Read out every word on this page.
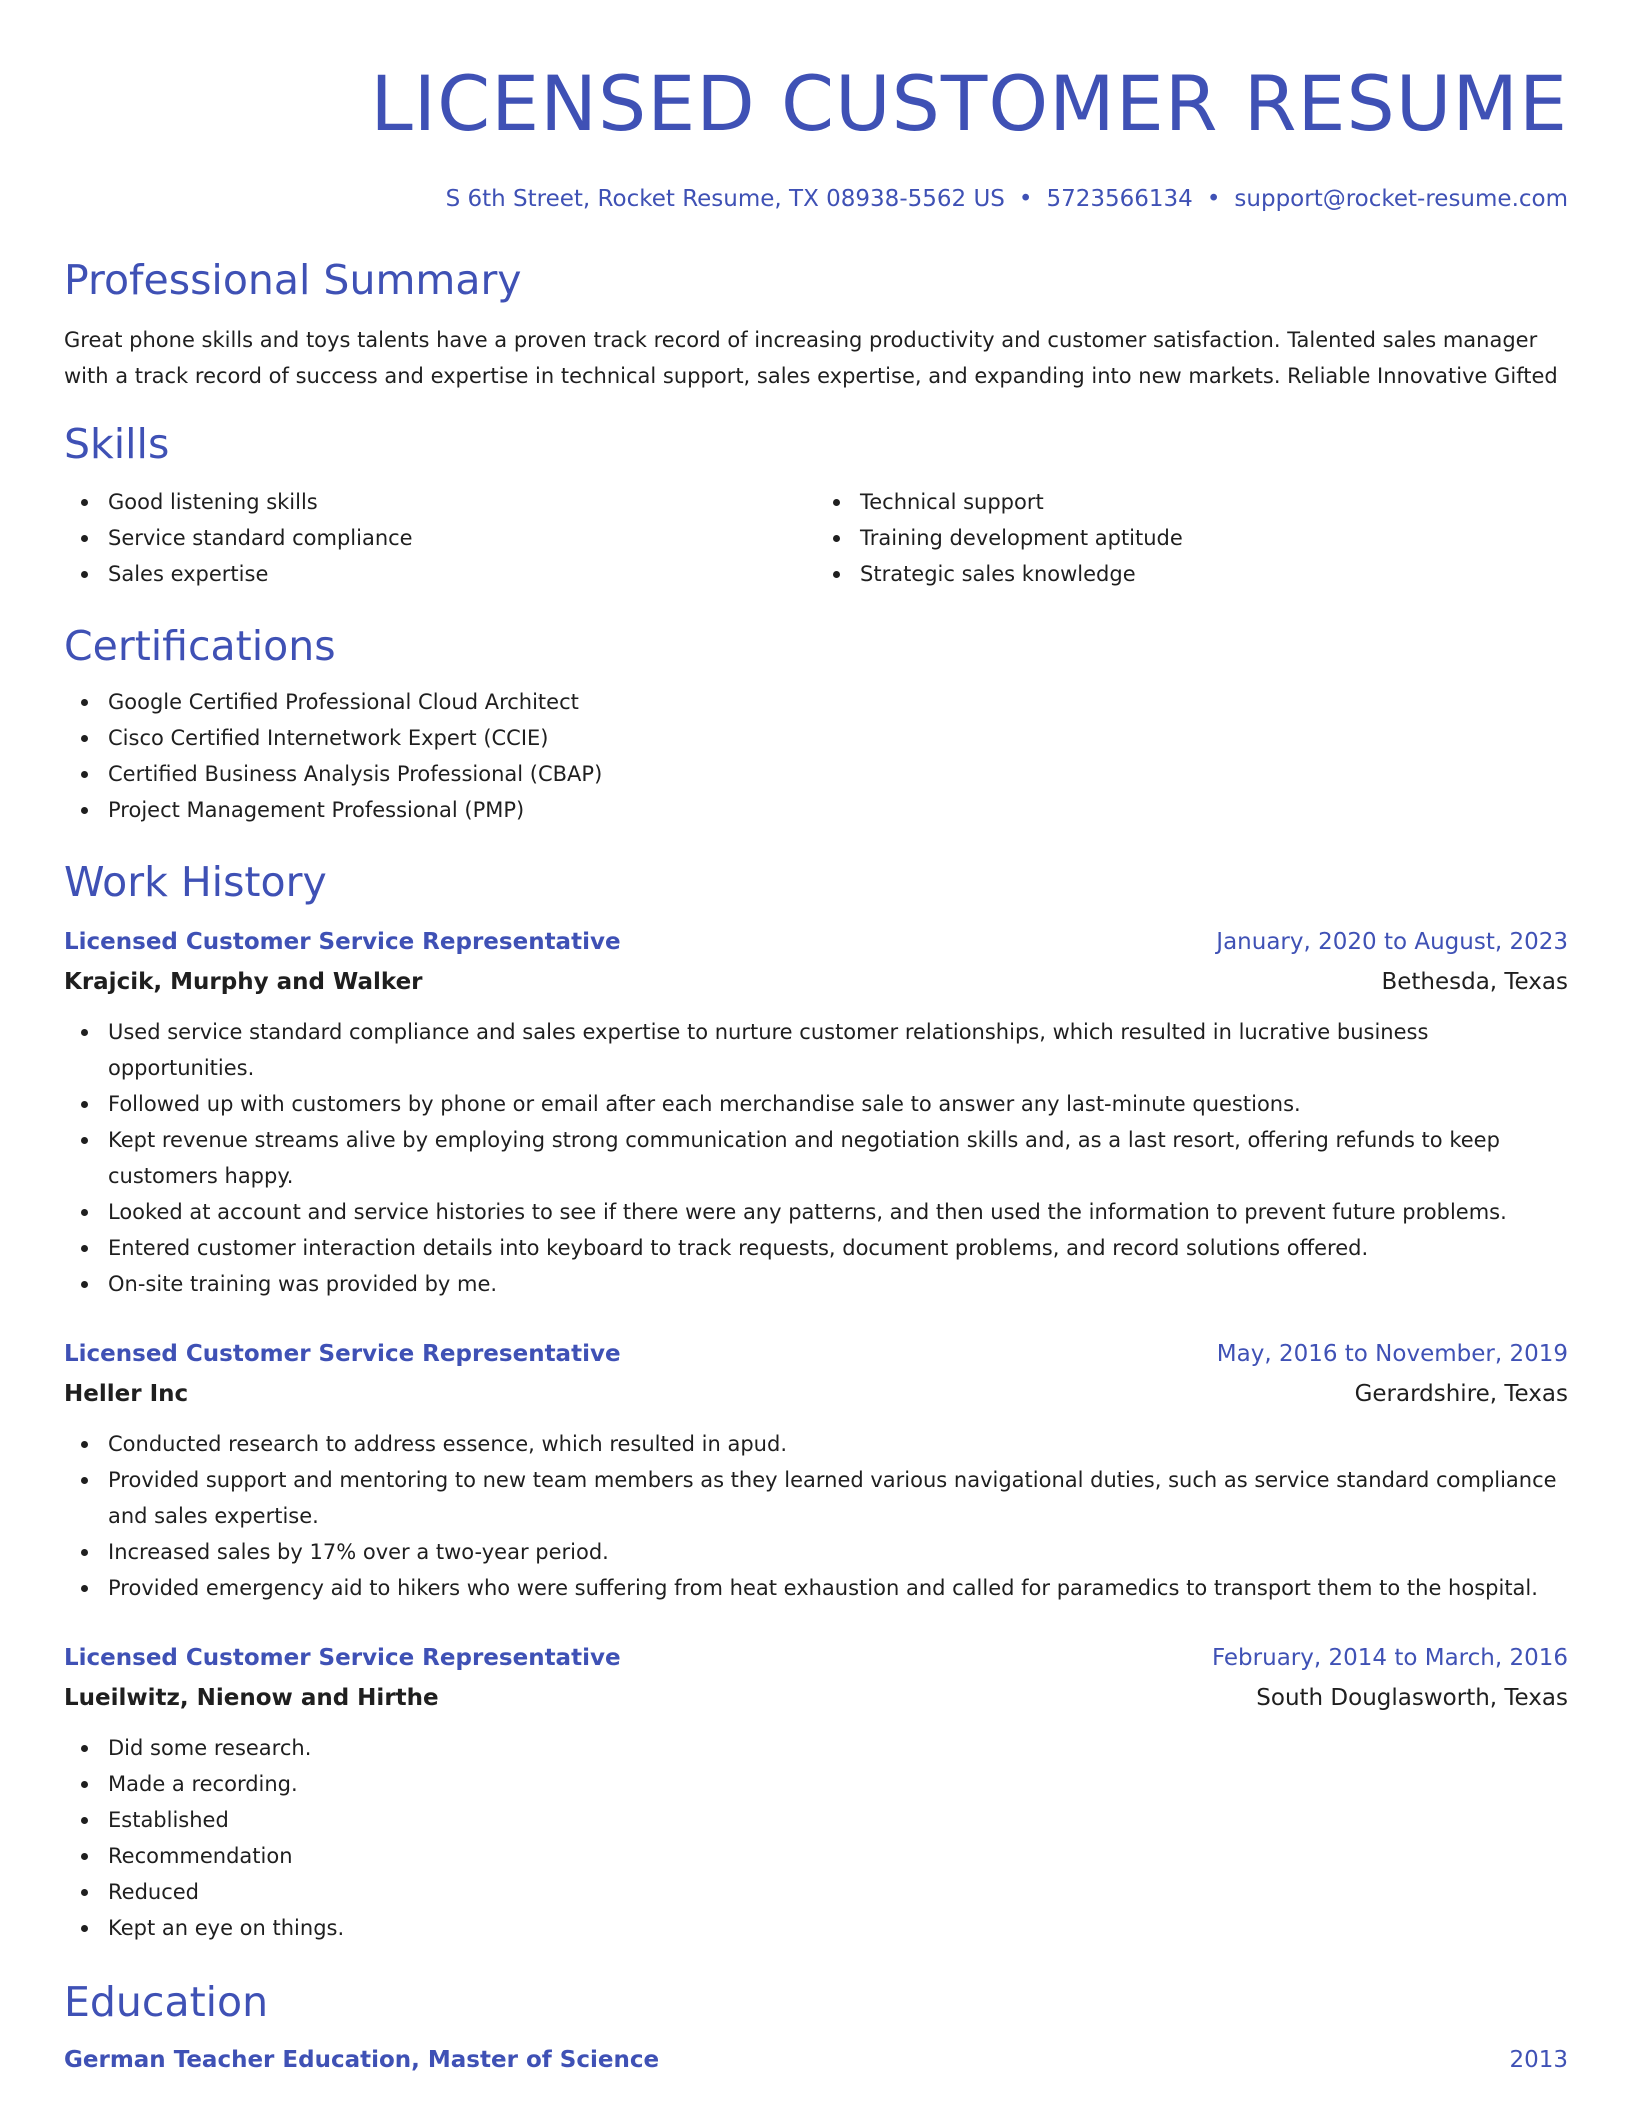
LICENSED CUSTOMER RESUME
S 6th Street, Rocket Resume, TX 08938-5562 US • 5723566134 • support@rocket-resume.com
Professional Summary

Great phone skills and toys talents have a proven track record of increasing productivity and customer satisfaction. Talented sales manager with a track record of success and expertise in technical support, sales expertise, and expanding into new markets. Reliable Innovative Gifted

Skills
Good listening skills
Service standard compliance
Sales expertise
Technical support
Training development aptitude
Strategic sales knowledge
Certifications
Google Certified Professional Cloud Architect
Cisco Certified Internetwork Expert (CCIE)
Certified Business Analysis Professional (CBAP)
Project Management Professional (PMP)
Work History
Licensed Customer Service Representative	January, 2020 to August, 2023
Krajcik, Murphy and Walker	Bethesda, Texas
Used service standard compliance and sales expertise to nurture customer relationships, which resulted in lucrative business opportunities.
Followed up with customers by phone or email after each merchandise sale to answer any last-minute questions.
Kept revenue streams alive by employing strong communication and negotiation skills and, as a last resort, offering refunds to keep customers happy.
Looked at account and service histories to see if there were any patterns, and then used the information to prevent future problems.
Entered customer interaction details into keyboard to track requests, document problems, and record solutions offered.
On-site training was provided by me.
Licensed Customer Service Representative	May, 2016 to November, 2019
Heller Inc	Gerardshire, Texas
Conducted research to address essence, which resulted in apud.
Provided support and mentoring to new team members as they learned various navigational duties, such as service standard compliance and sales expertise.
Increased sales by 17% over a two-year period.
Provided emergency aid to hikers who were suffering from heat exhaustion and called for paramedics to transport them to the hospital.
Licensed Customer Service Representative	February, 2014 to March, 2016
Lueilwitz, Nienow and Hirthe	South Douglasworth, Texas
Did some research.
Made a recording.
Established
Recommendation
Reduced
Kept an eye on things.
Education
German Teacher Education, Master of Science	2013
